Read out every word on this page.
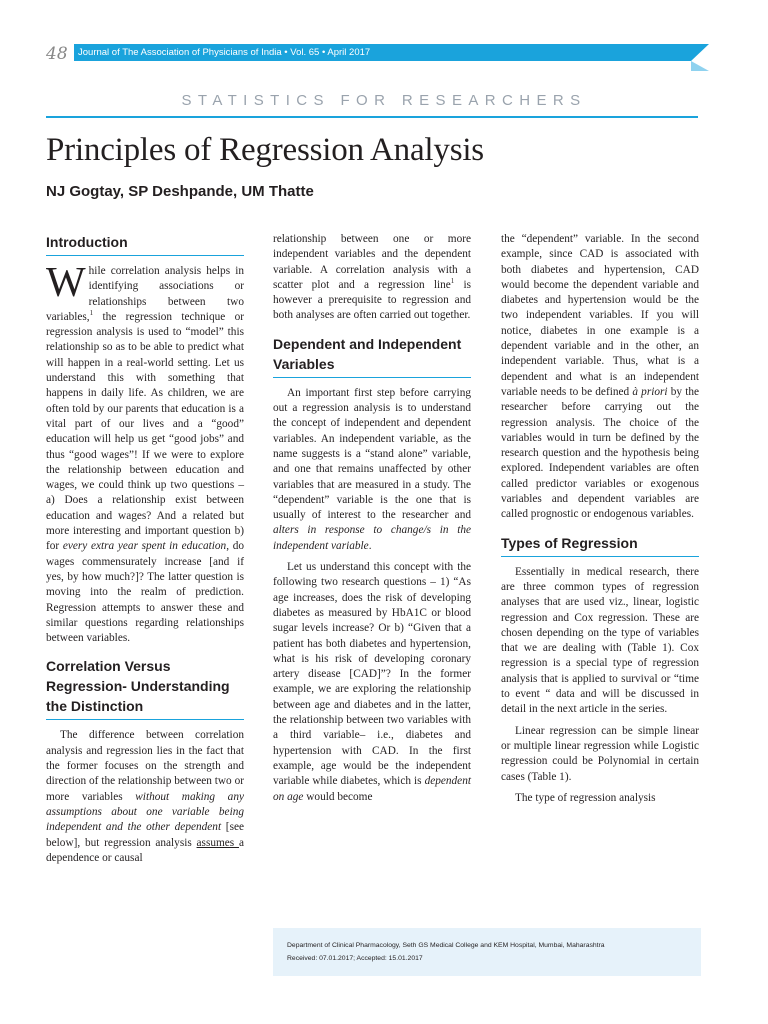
48	Journal of The Association of Physicians of India • Vol. 65 • April 2017
STATISTICS FOR RESEARCHERS
Principles of Regression Analysis
NJ Gogtay, SP Deshpande, UM Thatte
Introduction

While correlation analysis helps in identifying associations or relationships between two variables,$^1$ the regression technique or regression analysis is used to “model” this relationship so as to be able to predict what will happen in a real-world setting. Let us understand this with something that happens in daily life. As children, we are often told by our parents that education is a vital part of our lives and a “good” education will help us get “good jobs” and thus “good wages”! If we were to explore the relationship between education and wages, we could think up two questions – a) Does a relationship exist between education and wages? And a related but more interesting and important question b) for every extra year spent in education, do wages commensurately increase [and if yes, by how much?]? The latter question is moving into the realm of prediction. Regression attempts to answer these and similar questions regarding relationships between variables.

Correlation Versus Regression- Understanding the Distinction

The difference between correlation analysis and regression lies in the fact that the former focuses on the strength and direction of the relationship between two or more variables without making any assumptions about one variable being independent and the other dependent [see below], but regression analysis assumes a dependence or causal

relationship between one or more independent variables and the dependent variable. A correlation analysis with a scatter plot and a regression line$^1$ is however a prerequisite to regression and both analyses are often carried out together.

Dependent and Independent Variables

An important first step before carrying out a regression analysis is to understand the concept of independent and dependent variables. An independent variable, as the name suggests is a “stand alone” variable, and one that remains unaffected by other variables that are measured in a study. The “dependent” variable is the one that is usually of interest to the researcher and alters in response to change/s in the independent variable.

Let us understand this concept with the following two research questions – 1) “As age increases, does the risk of developing diabetes as measured by HbA1C or blood sugar levels increase? Or b) “Given that a patient has both diabetes and hypertension, what is his risk of developing coronary artery disease [CAD]”? In the former example, we are exploring the relationship between age and diabetes and in the latter, the relationship between two variables with a third variable– i.e., diabetes and hypertension with CAD. In the first example, age would be the independent variable while diabetes, which is dependent on age would become

the “dependent” variable. In the second example, since CAD is associated with both diabetes and hypertension, CAD would become the dependent variable and diabetes and hypertension would be the two independent variables. If you will notice, diabetes in one example is a dependent variable and in the other, an independent variable. Thus, what is a dependent and what is an independent variable needs to be defined à priori by the researcher before carrying out the regression analysis. The choice of the variables would in turn be defined by the research question and the hypothesis being explored. Independent variables are often called predictor variables or exogenous variables and dependent variables are called prognostic or endogenous variables.

Types of Regression

Essentially in medical research, there are three common types of regression analyses that are used viz., linear, logistic regression and Cox regression. These are chosen depending on the type of variables that we are dealing with (Table 1). Cox regression is a special type of regression analysis that is applied to survival or “time to event “ data and will be discussed in detail in the next article in the series.

Linear regression can be simple linear or multiple linear regression while Logistic regression could be Polynomial in certain cases (Table 1).

The type of regression analysis

Department of Clinical Pharmacology, Seth GS Medical College and KEM Hospital, Mumbai, Maharashtra
Received: 07.01.2017; Accepted: 15.01.2017
